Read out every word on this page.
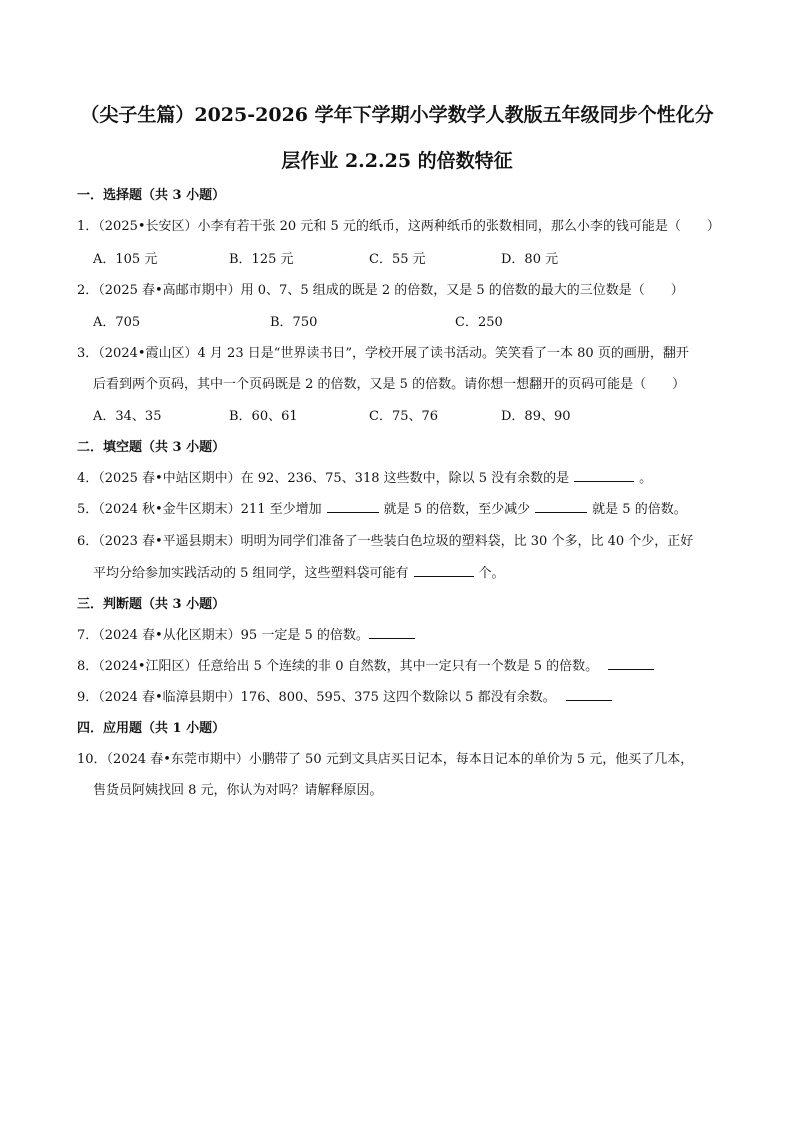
（尖子生篇）2025-2026 学年下学期小学数学人教版五年级同步个性化分
层作业 2.2.25 的倍数特征
一．选择题（共 3 小题）
1．（2025•长安区）小李有若干张 20 元和 5 元的纸币，这两种纸币的张数相同，那么小李的钱可能是（　　）
A．105 元	B．125 元	C．55 元	D．80 元
2．（2025 春•高邮市期中）用 0、7、5 组成的既是 2 的倍数，又是 5 的倍数的最大的三位数是（　　）
A．705	B．750	C．250
3．（2024•霞山区）4 月 23 日是“世界读书日”，学校开展了读书活动。笑笑看了一本 80 页的画册，翻开
后看到两个页码，其中一个页码既是 2 的倍数，又是 5 的倍数。请你想一想翻开的页码可能是（　　）
A．34、35	B．60、61	C．75、76	D．89、90
二．填空题（共 3 小题）
4．（2025 春•中站区期中）在 92、236、75、318 这些数中，除以 5 没有余数的是	。
5．（2024 秋•金牛区期末）211 至少增加	就是 5 的倍数，至少减少	就是 5 的倍数。
6．（2023 春•平遥县期末）明明为同学们准备了一些装白色垃圾的塑料袋，比 30 个多，比 40 个少，正好
平均分给参加实践活动的 5 组同学，这些塑料袋可能有	个。
三．判断题（共 3 小题）
7．（2024 春•从化区期末）95 一定是 5 的倍数。
8．（2024•江阳区）任意给出 5 个连续的非 0 自然数，其中一定只有一个数是 5 的倍数。
9．（2024 春•临漳县期中）176、800、595、375 这四个数除以 5 都没有余数。
四．应用题（共 1 小题）
10．（2024 春•东莞市期中）小鹏带了 50 元到文具店买日记本，每本日记本的单价为 5 元，他买了几本，
售货员阿姨找回 8 元，你认为对吗？请解释原因。
